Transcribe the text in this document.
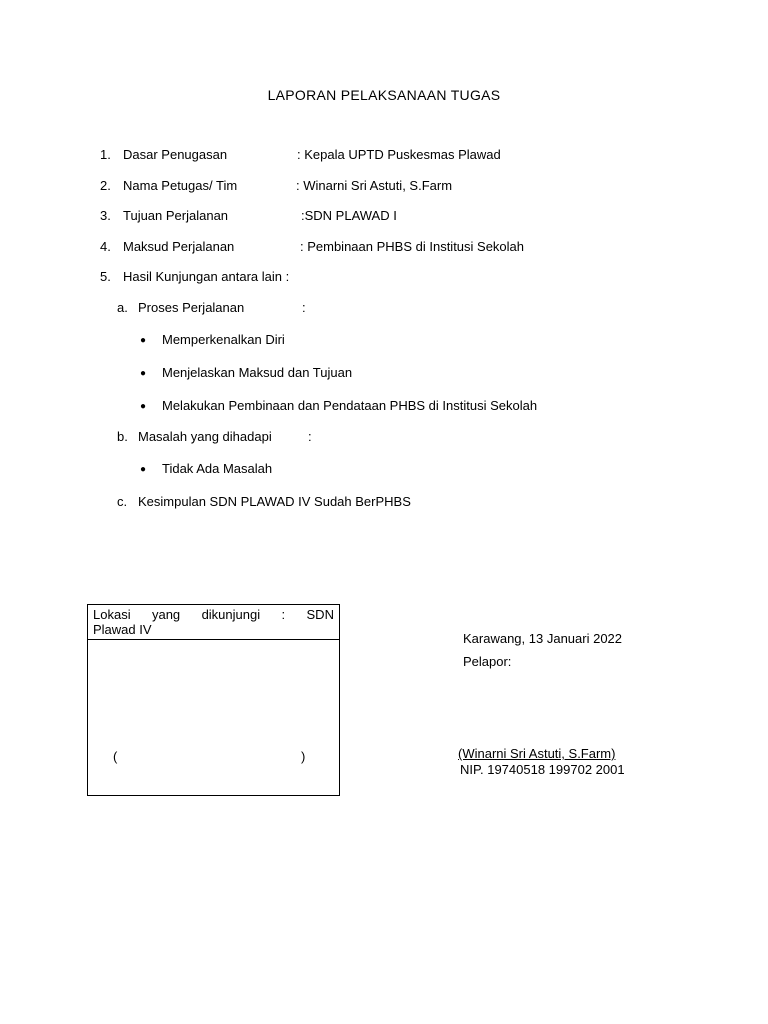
LAPORAN PELAKSANAAN TUGAS
1. Dasar Penugasan	: Kepala UPTD Puskesmas Plawad
2. Nama Petugas/ Tim	: Winarni Sri Astuti, S.Farm
3. Tujuan Perjalanan	:SDN PLAWAD I
4. Maksud Perjalanan	: Pembinaan PHBS di Institusi Sekolah
5. Hasil Kunjungan antara lain :
a. Proses Perjalanan	:
● Memperkenalkan Diri
● Menjelaskan Maksud dan Tujuan
● Melakukan Pembinaan dan Pendataan PHBS di Institusi Sekolah
b. Masalah yang dihadapi	:
● Tidak Ada Masalah
c. Kesimpulan SDN PLAWAD IV Sudah BerPHBS
Lokasi yang dikunjungi : SDN
Plawad IV
(	)
Karawang, 13 Januari 2022
Pelapor:
(Winarni Sri Astuti, S.Farm)
NIP. 19740518 199702 2001
